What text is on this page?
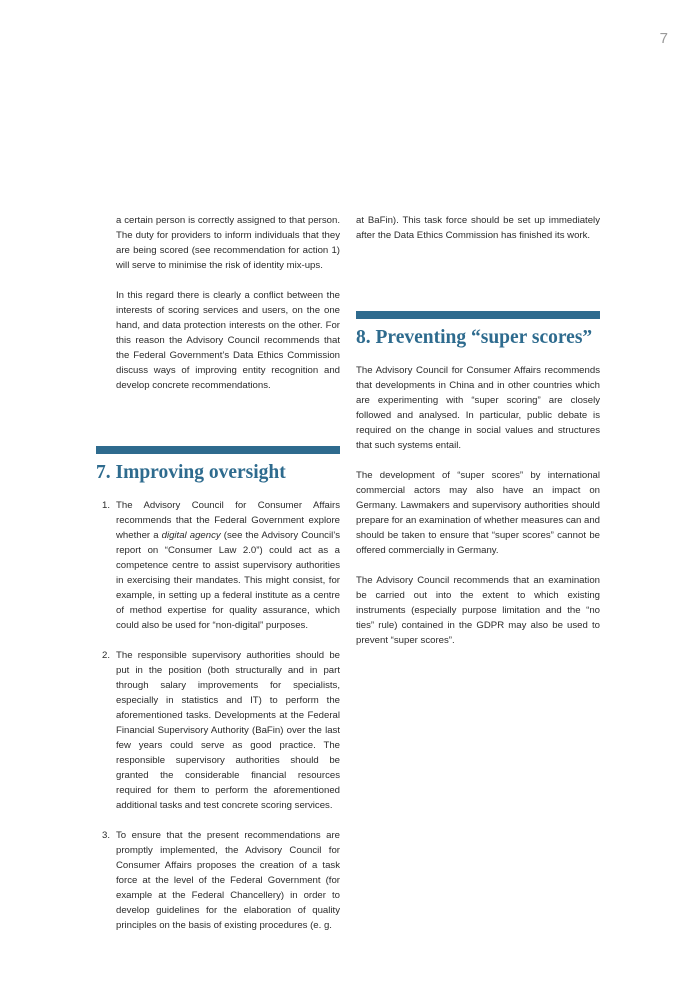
7

a certain person is correctly assigned to that person. The duty for providers to inform individuals that they are being scored (see recommendation for action 1) will serve to minimise the risk of identity mix-ups.

In this regard there is clearly a conflict between the interests of scoring services and users, on the one hand, and data protection interests on the other. For this reason the Advisory Council recommends that the Federal Government’s Data Ethics Commission discuss ways of improving entity recognition and develop concrete recommendations.

7. Improving oversight
1. The Advisory Council for Consumer Affairs recommends that the Federal Government explore whether a digital agency (see the Advisory Council’s report on “Consumer Law 2.0”) could act as a competence centre to assist supervisory authorities in exercising their mandates. This might consist, for example, in setting up a federal institute as a centre of method expertise for quality assurance, which could also be used for “non-digital” purposes.

2. The responsible supervisory authorities should be put in the position (both structurally and in part through salary improvements for specialists, especially in statistics and IT) to perform the aforementioned tasks. Developments at the Federal Financial Supervisory Authority (BaFin) over the last few years could serve as good practice. The responsible supervisory authorities should be granted the considerable financial resources required for them to perform the aforementioned additional tasks and test concrete scoring services.

3. To ensure that the present recommendations are promptly implemented, the Advisory Council for Consumer Affairs proposes the creation of a task force at the level of the Federal Government (for example at the Federal Chancellery) in order to develop guidelines for the elaboration of quality principles on the basis of existing procedures (e. g.

at BaFin). This task force should be set up immediately after the Data Ethics Commission has finished its work.

8. Preventing “super scores”

The Advisory Council for Consumer Affairs recommends that developments in China and in other countries which are experimenting with “super scoring” are closely followed and analysed. In particular, public debate is required on the change in social values and structures that such systems entail.

The development of “super scores” by international commercial actors may also have an impact on Germany. Lawmakers and supervisory authorities should prepare for an examination of whether measures can and should be taken to ensure that “super scores” cannot be offered commercially in Germany.

The Advisory Council recommends that an examination be carried out into the extent to which existing instruments (especially purpose limitation and the “no ties” rule) contained in the GDPR may also be used to prevent “super scores”.
